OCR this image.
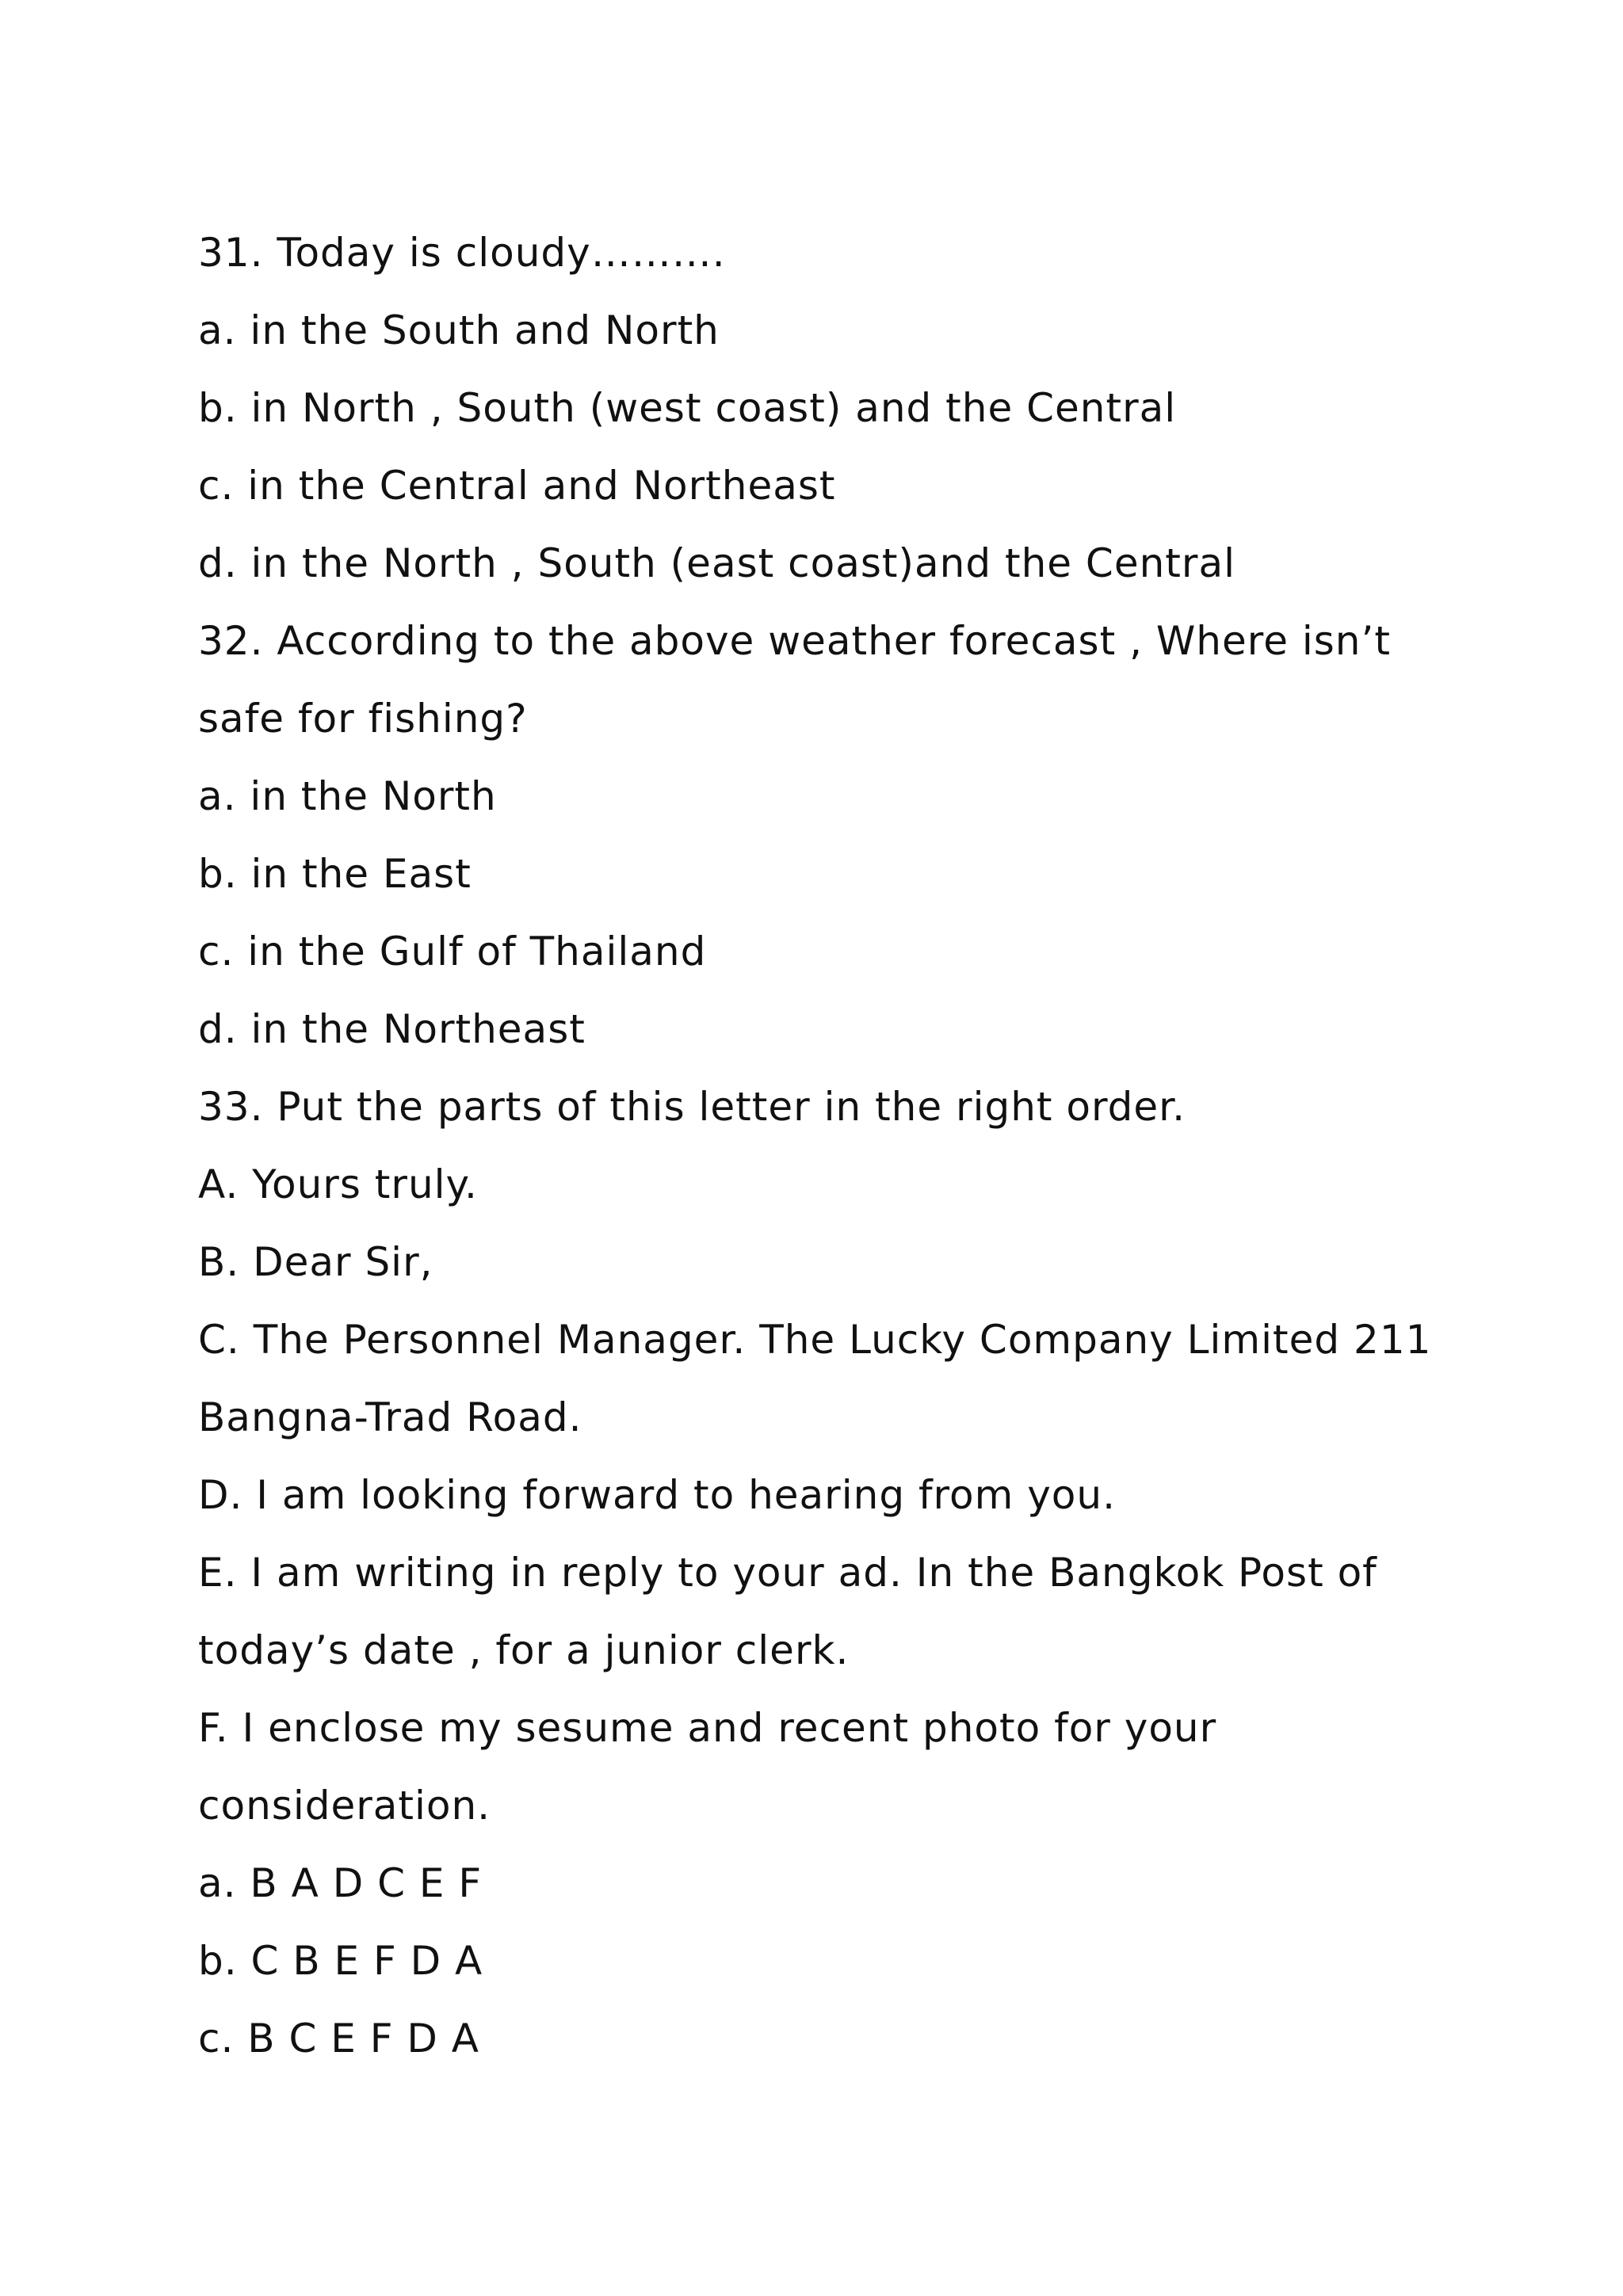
31. Today is cloudy……….
a. in the South and North
b. in North , South (west coast) and the Central
c. in the Central and Northeast
d. in the North , South (east coast)and the Central
32. According to the above weather forecast , Where isn’t
safe for fishing?
a. in the North
b. in the East
c. in the Gulf of Thailand
d. in the Northeast
33. Put the parts of this letter in the right order.
A. Yours truly.
B. Dear Sir,
C. The Personnel Manager. The Lucky Company Limited 211
Bangna-Trad Road.
D. I am looking forward to hearing from you.
E. I am writing in reply to your ad. In the Bangkok Post of
today’s date , for a junior clerk.
F. I enclose my sesume and recent photo for your
consideration.
a. B A D C E F
b. C B E F D A
c. B C E F D A
